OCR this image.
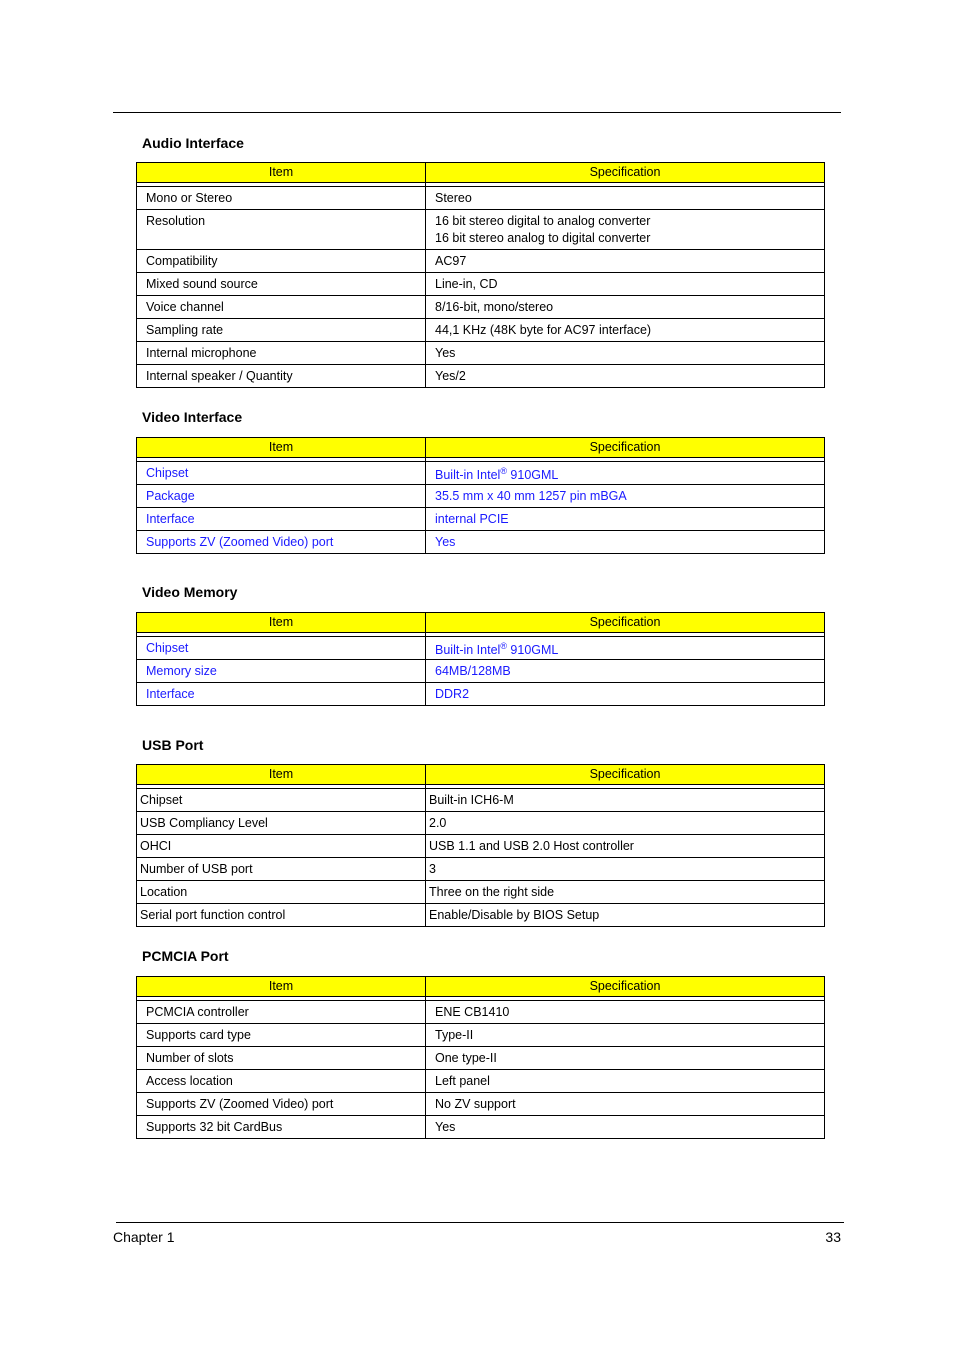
Audio Interface
Item	Specification

Mono or Stereo	Stereo
Resolution	16 bit stereo digital to analog converter
16 bit stereo analog to digital converter
Compatibility	AC97
Mixed sound source	Line-in, CD
Voice channel	8/16-bit, mono/stereo
Sampling rate	44,1 KHz (48K byte for AC97 interface)
Internal microphone	Yes
Internal speaker / Quantity	Yes/2
Video Interface
Item	Specification

Chipset	Built-in Intel® 910GML
Package	35.5 mm x 40 mm 1257 pin mBGA
Interface	internal PCIE
Supports ZV (Zoomed Video) port	Yes
Video Memory
Item	Specification

Chipset	Built-in Intel® 910GML
Memory size	64MB/128MB
Interface	DDR2
USB Port
Item	Specification

Chipset	Built-in ICH6-M
USB Compliancy Level	2.0
OHCI	USB 1.1 and USB 2.0 Host controller
Number of USB port	3
Location	Three on the right side
Serial port function control	Enable/Disable by BIOS Setup
PCMCIA Port
Item	Specification

PCMCIA controller	ENE CB1410
Supports card type	Type-II
Number of slots	One type-II
Access location	Left panel
Supports ZV (Zoomed Video) port	No ZV support
Supports 32 bit CardBus	Yes
Chapter 1	33
